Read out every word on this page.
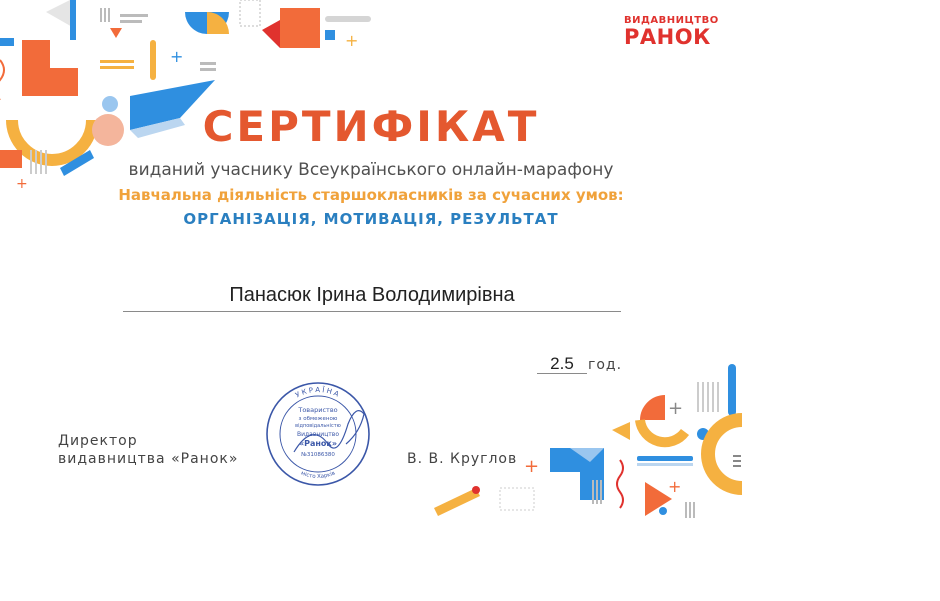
+
+
+
+
+
+
ВИДАВНИЦТВО
РАНОК
СЕРТИФІКАТ
виданий учаснику Всеукраїнського онлайн-марафону
Навчальна діяльність старшокласників за сучасних умов:
ОРГАНІЗАЦІЯ, МОТИВАЦІЯ, РЕЗУЛЬТАТ
Панасюк Ірина Володимирівна
2.5	год.
Директор
видавництва «Ранок»	В. В. Круглов
УКРАЇНА
місто Харків
Товариство
з обмеженою
відповідальністю
Видавництво
«Ранок»
№31086380
